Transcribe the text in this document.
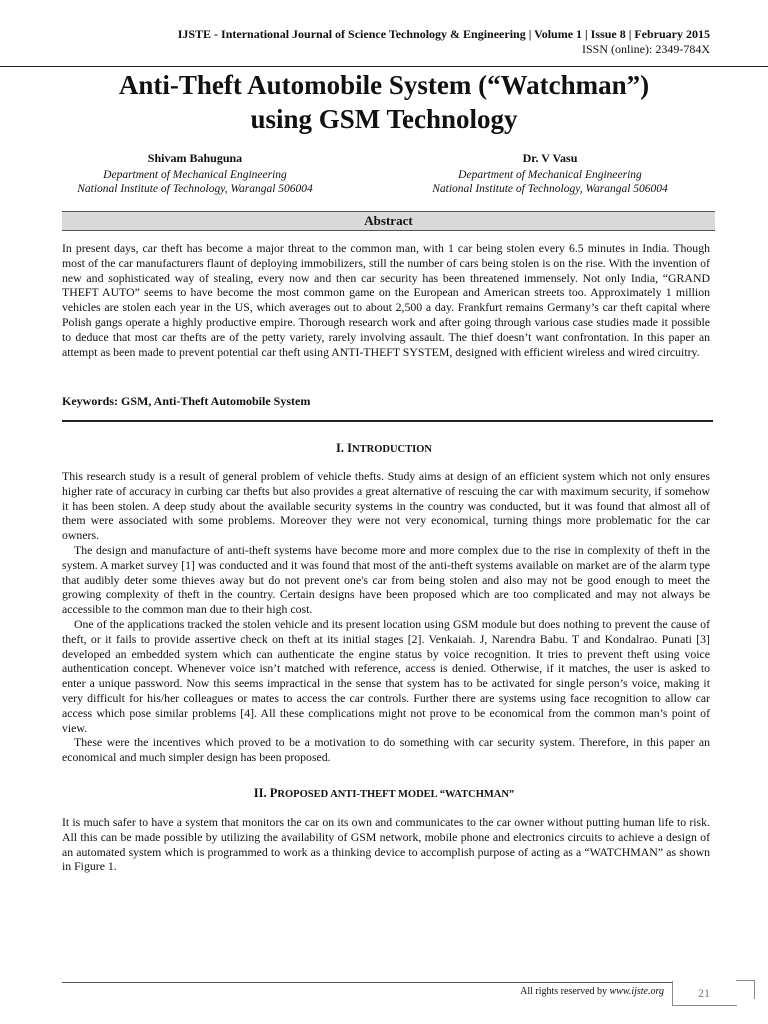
IJSTE - International Journal of Science Technology & Engineering | Volume 1 | Issue 8 | February 2015
ISSN (online): 2349-784X
Anti-Theft Automobile System (“Watchman”)
using GSM Technology
Shivam Bahuguna
Department of Mechanical Engineering
National Institute of Technology, Warangal 506004
Dr. V Vasu
Department of Mechanical Engineering
National Institute of Technology, Warangal 506004
Abstract

In present days, car theft has become a major threat to the common man, with 1 car being stolen every 6.5 minutes in India. Though most of the car manufacturers flaunt of deploying immobilizers, still the number of cars being stolen is on the rise. With the invention of new and sophisticated way of stealing, every now and then car security has been threatened immensely. Not only India, “GRAND THEFT AUTO” seems to have become the most common game on the European and American streets too. Approximately 1 million vehicles are stolen each year in the US, which averages out to about 2,500 a day. Frankfurt remains Germany’s car theft capital where Polish gangs operate a highly productive empire. Thorough research work and after going through various case studies made it possible to deduce that most car thefts are of the petty variety, rarely involving assault. The thief doesn’t want confrontation. In this paper an attempt as been made to prevent potential car theft using ANTI-THEFT SYSTEM, designed with efficient wireless and wired circuitry.

Keywords: GSM, Anti-Theft Automobile System
I. INTRODUCTION

This research study is a result of general problem of vehicle thefts. Study aims at design of an efficient system which not only ensures higher rate of accuracy in curbing car thefts but also provides a great alternative of rescuing the car with maximum security, if somehow it has been stolen. A deep study about the available security systems in the country was conducted, but it was found that almost all of them were associated with some problems. Moreover they were not very economical, turning things more problematic for the car owners.

The design and manufacture of anti-theft systems have become more and more complex due to the rise in complexity of theft in the system. A market survey [1] was conducted and it was found that most of the anti-theft systems available on market are of the alarm type that audibly deter some thieves away but do not prevent one's car from being stolen and also may not be good enough to meet the growing complexity of theft in the country. Certain designs have been proposed which are too complicated and may not always be accessible to the common man due to their high cost.

One of the applications tracked the stolen vehicle and its present location using GSM module but does nothing to prevent the cause of theft, or it fails to provide assertive check on theft at its initial stages [2]. Venkaiah. J, Narendra Babu. T and Kondalrao. Punati [3] developed an embedded system which can authenticate the engine status by voice recognition. It tries to prevent theft using voice authentication concept. Whenever voice isn’t matched with reference, access is denied. Otherwise, if it matches, the user is asked to enter a unique password. Now this seems impractical in the sense that system has to be activated for single person’s voice, making it very difficult for his/her colleagues or mates to access the car controls. Further there are systems using face recognition to allow car access which pose similar problems [4]. All these complications might not prove to be economical from the common man’s point of view.

These were the incentives which proved to be a motivation to do something with car security system. Therefore, in this paper an economical and much simpler design has been proposed.

II. PROPOSED ANTI-THEFT MODEL “WATCHMAN”

It is much safer to have a system that monitors the car on its own and communicates to the car owner without putting human life to risk. All this can be made possible by utilizing the availability of GSM network, mobile phone and electronics circuits to achieve a design of an automated system which is programmed to work as a thinking device to accomplish purpose of acting as a “WATCHMAN” as shown in Figure 1.

All rights reserved by www.ijste.org	21
